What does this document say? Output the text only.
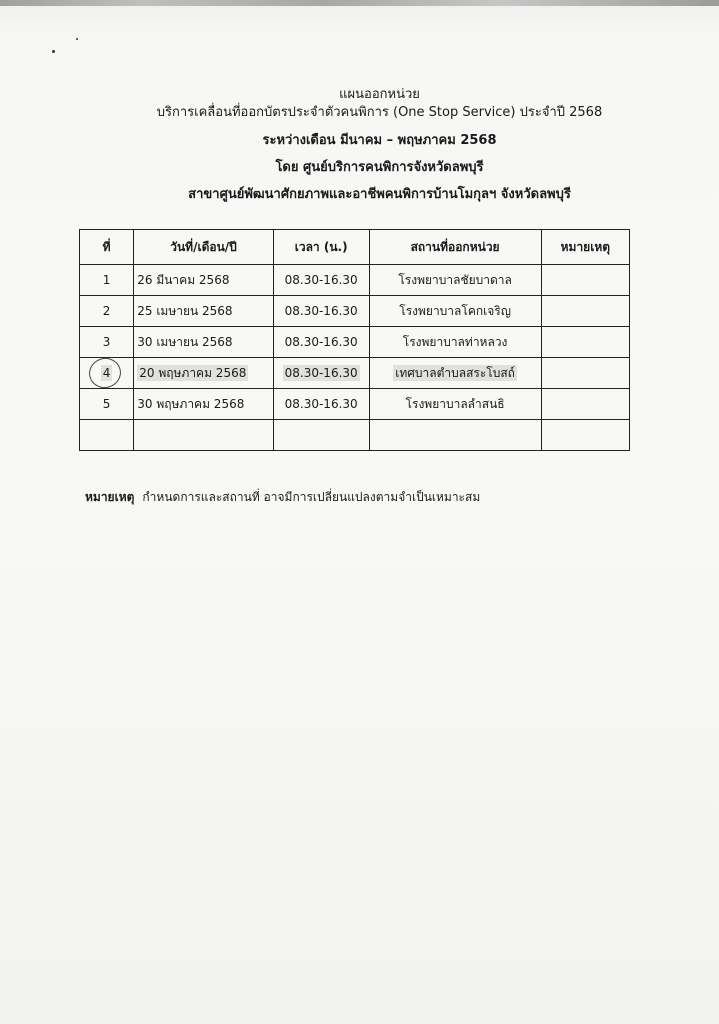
แผนออกหน่วย
บริการเคลื่อนที่ออกบัตรประจำตัวคนพิการ (One Stop Service) ประจำปี 2568
ระหว่างเดือน มีนาคม – พฤษภาคม 2568
โดย ศูนย์บริการคนพิการจังหวัดลพบุรี
สาขาศูนย์พัฒนาศักยภาพและอาชีพคนพิการบ้านโมกุลฯ จังหวัดลพบุรี
ที่	วันที่/เดือน/ปี	เวลา (น.)	สถานที่ออกหน่วย	หมายเหตุ
1	26 มีนาคม 2568	08.30-16.30	โรงพยาบาลชัยบาดาล	
2	25 เมษายน 2568	08.30-16.30	โรงพยาบาลโคกเจริญ	
3	30 เมษายน 2568	08.30-16.30	โรงพยาบาลท่าหลวง	
4	20 พฤษภาคม 2568	08.30-16.30	เทศบาลตำบลสระโบสถ์	
5	30 พฤษภาคม 2568	08.30-16.30	โรงพยาบาลลำสนธิ	

หมายเหตุ กำหนดการและสถานที่ อาจมีการเปลี่ยนแปลงตามจำเป็นเหมาะสม
